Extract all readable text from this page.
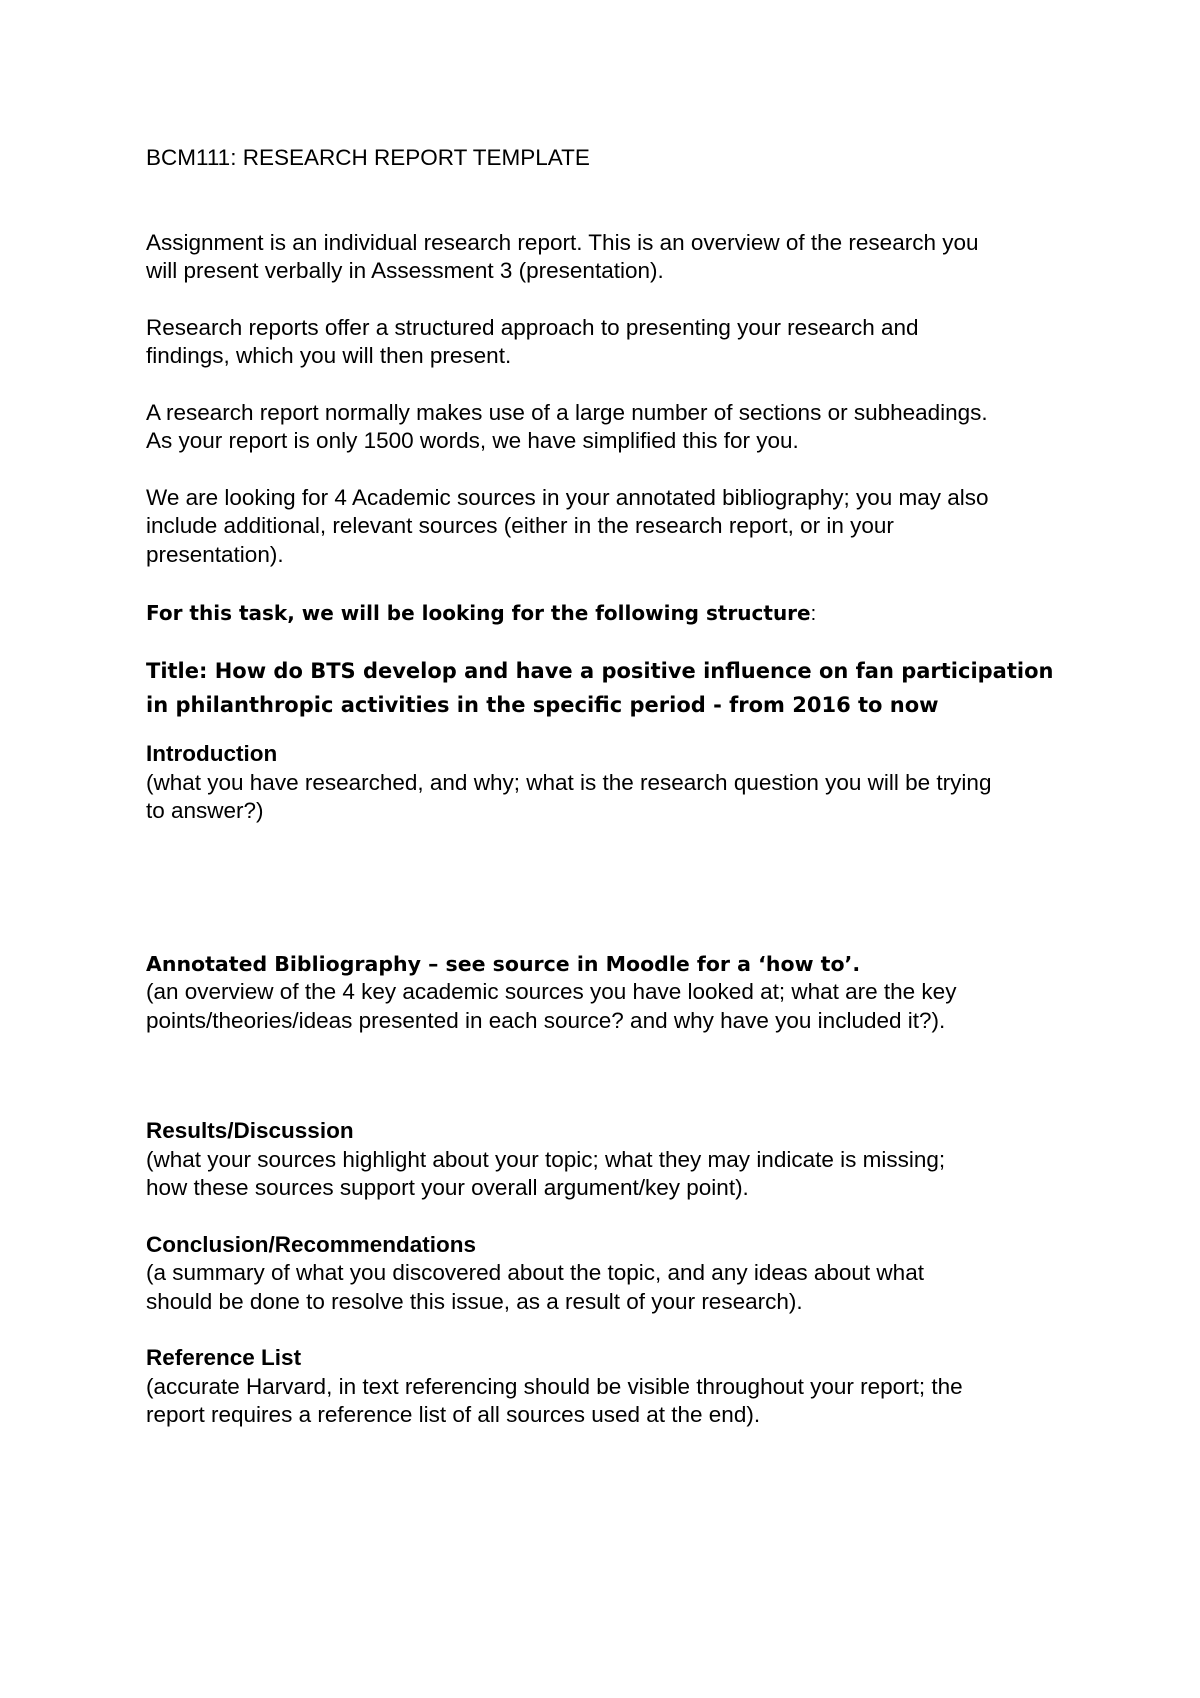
BCM111: RESEARCH REPORT TEMPLATE

Assignment is an individual research report. This is an overview of the research you

will present verbally in Assessment 3 (presentation).

Research reports offer a structured approach to presenting your research and

findings, which you will then present.

A research report normally makes use of a large number of sections or subheadings.

As your report is only 1500 words, we have simplified this for you.

We are looking for 4 Academic sources in your annotated bibliography; you may also

include additional, relevant sources (either in the research report, or in your

presentation).

For this task, we will be looking for the following structure:

Title: How do BTS develop and have a positive influence on fan participation
in philanthropic activities in the specific period - from 2016 to now
Introduction

(what you have researched, and why; what is the research question you will be trying

to answer?)

Annotated Bibliography – see source in Moodle for a ‘how to’.

(an overview of the 4 key academic sources you have looked at; what are the key

points/theories/ideas presented in each source? and why have you included it?).

Results/Discussion

(what your sources highlight about your topic; what they may indicate is missing;

how these sources support your overall argument/key point).

Conclusion/Recommendations

(a summary of what you discovered about the topic, and any ideas about what

should be done to resolve this issue, as a result of your research).

Reference List

(accurate Harvard, in text referencing should be visible throughout your report; the

report requires a reference list of all sources used at the end).
